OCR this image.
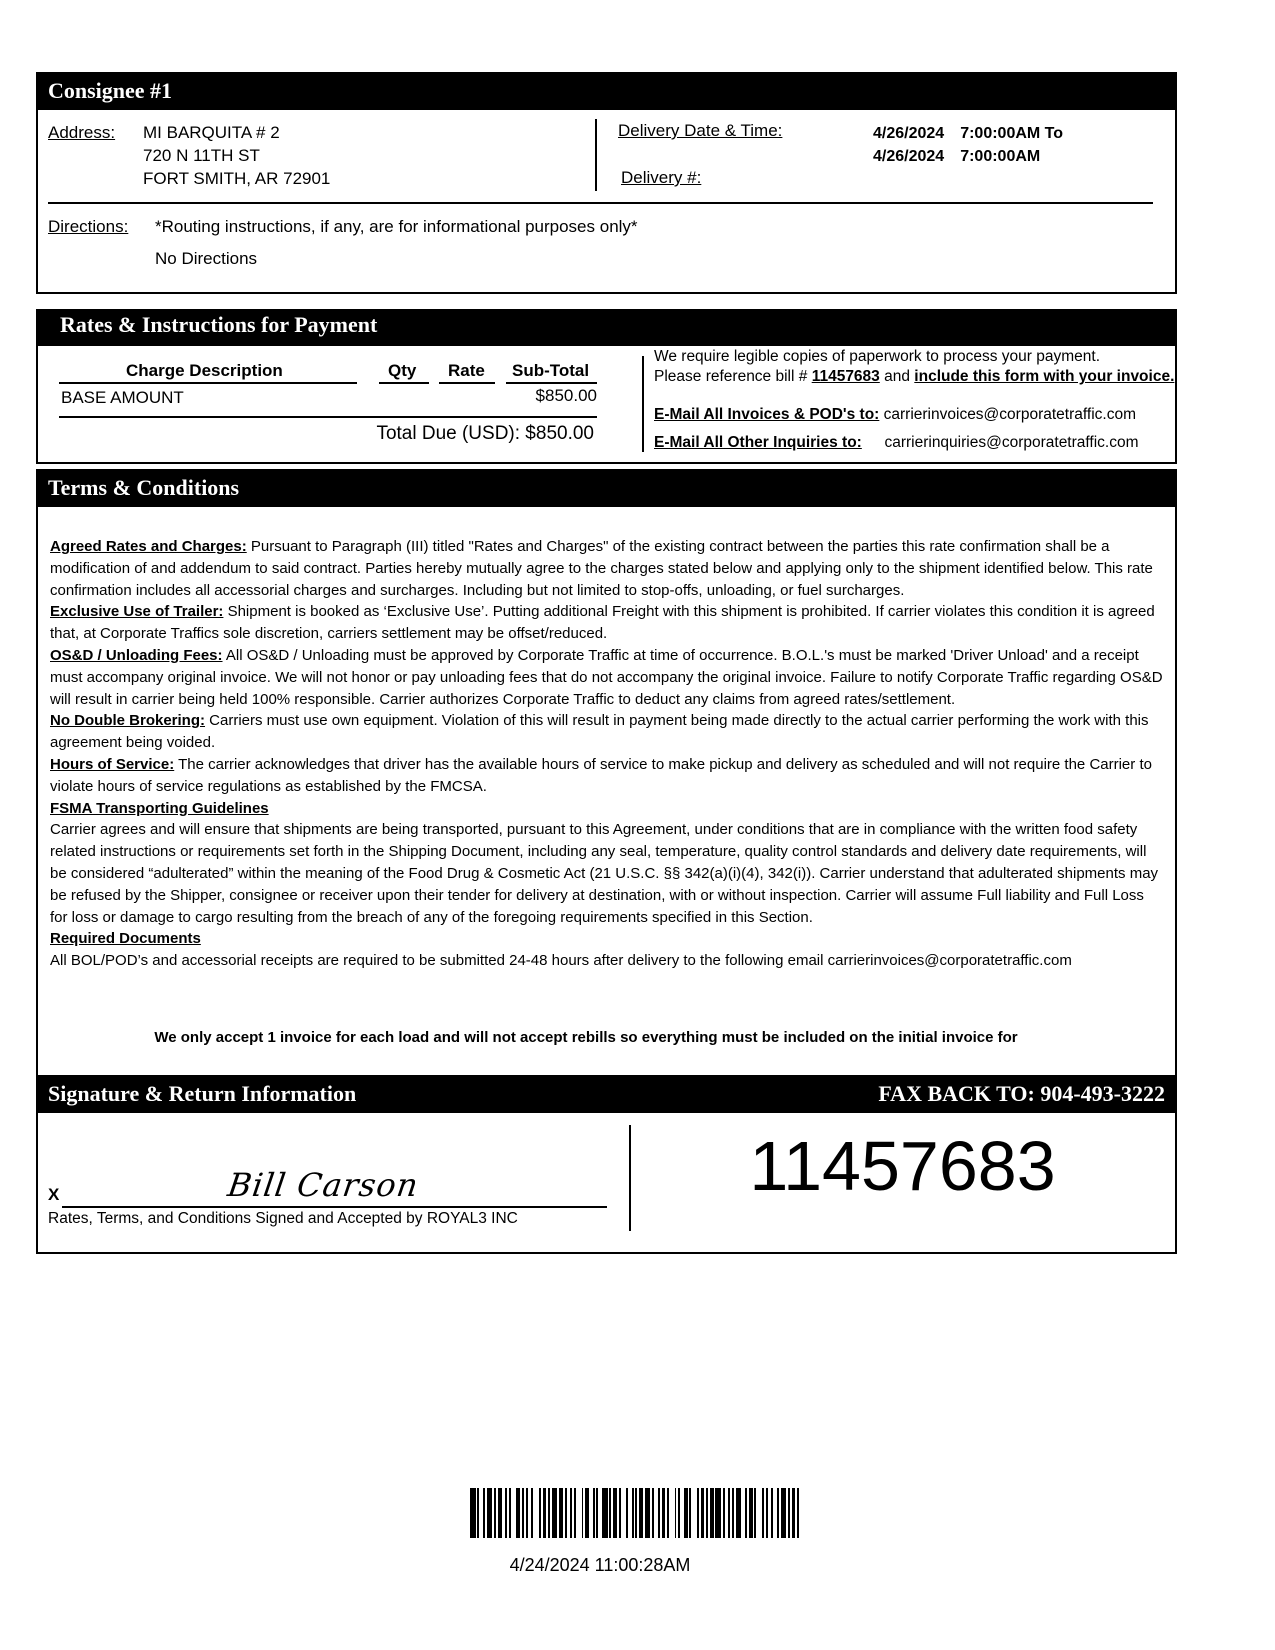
Consignee #1
Address: MI BARQUITA # 2
720 N 11TH ST
FORT SMITH, AR 72901
Delivery Date & Time:	4/26/2024 7:00:00AM To
4/26/2024 7:00:00AM
Delivery #:
Directions: *Routing instructions, if any, are for informational purposes only*
No Directions
Rates & Instructions for Payment
Charge Description	Qty Rate Sub-Total
BASE AMOUNT	$850.00
Total Due (USD): $850.00
We require legible copies of paperwork to process your payment.
Please reference bill # 11457683 and include this form with your invoice.
E-Mail All Invoices & POD's to: carrierinvoices@corporatetraffic.com
E-Mail All Other Inquiries to: carrierinquiries@corporatetraffic.com
Terms & Conditions
Agreed Rates and Charges: Pursuant to Paragraph (III) titled "Rates and Charges" of the existing contract between the parties this rate confirmation shall be a modification of and addendum to said contract. Parties hereby mutually agree to the charges stated below and applying only to the shipment identified below. This rate confirmation includes all accessorial charges and surcharges. Including but not limited to stop-offs, unloading, or fuel surcharges.
Exclusive Use of Trailer: Shipment is booked as ‘Exclusive Use’. Putting additional Freight with this shipment is prohibited. If carrier violates this condition it is agreed that, at Corporate Traffics sole discretion, carriers settlement may be offset/reduced.
OS&D / Unloading Fees: All OS&D / Unloading must be approved by Corporate Traffic at time of occurrence. B.O.L.'s must be marked 'Driver Unload' and a receipt must accompany original invoice. We will not honor or pay unloading fees that do not accompany the original invoice. Failure to notify Corporate Traffic regarding OS&D will result in carrier being held 100% responsible. Carrier authorizes Corporate Traffic to deduct any claims from agreed rates/settlement.
No Double Brokering: Carriers must use own equipment. Violation of this will result in payment being made directly to the actual carrier performing the work with this agreement being voided.
Hours of Service: The carrier acknowledges that driver has the available hours of service to make pickup and delivery as scheduled and will not require the Carrier to violate hours of service regulations as established by the FMCSA.
FSMA Transporting Guidelines
Carrier agrees and will ensure that shipments are being transported, pursuant to this Agreement, under conditions that are in compliance with the written food safety related instructions or requirements set forth in the Shipping Document, including any seal, temperature, quality control standards and delivery date requirements, will be considered “adulterated” within the meaning of the Food Drug & Cosmetic Act (21 U.S.C. §§ 342(a)(i)(4), 342(i)). Carrier understand that adulterated shipments may be refused by the Shipper, consignee or receiver upon their tender for delivery at destination, with or without inspection. Carrier will assume Full liability and Full Loss for loss or damage to cargo resulting from the breach of any of the foregoing requirements specified in this Section.
Required Documents
All BOL/POD’s and accessorial receipts are required to be submitted 24-48 hours after delivery to the following email carrierinvoices@corporatetraffic.com
We only accept 1 invoice for each load and will not accept rebills so everything must be included on the initial invoice for
Signature & Return Information	FAX BACK TO: 904-493-3222
X	Bill Carson
Rates, Terms, and Conditions Signed and Accepted by ROYAL3 INC
11457683
4/24/2024 11:00:28AM
